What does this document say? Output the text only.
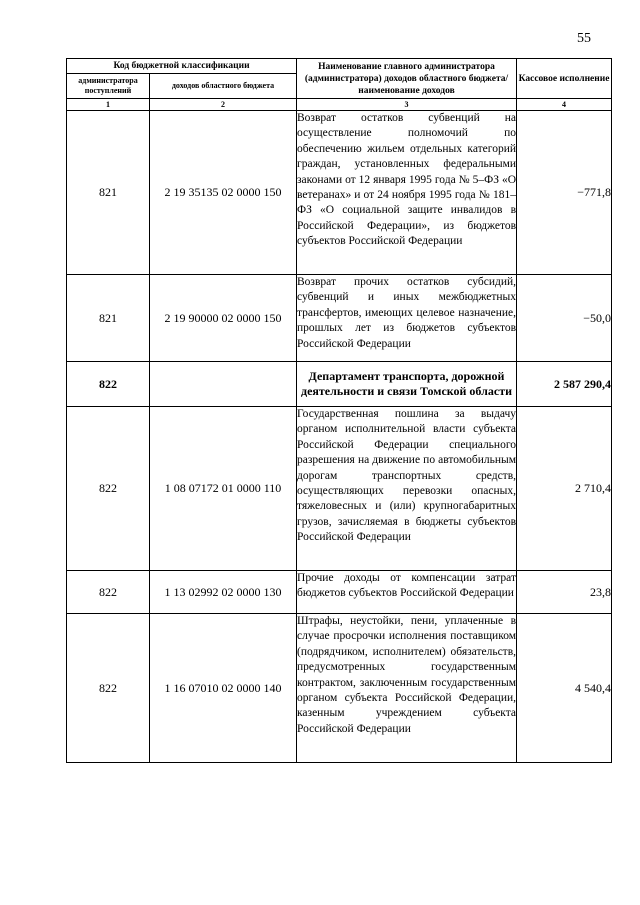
55
Код бюджетной классификации		Наименование главного администратора (администратора) доходов областного бюджета/ наименование доходов	Кассовое исполнение
администратора поступлений	доходов областного бюджета		
1	2	3	4
821	2 19 35135 02 0000 150	Возврат остатков субвенций на осуществление полномочий по обеспечению жильем отдельных категорий граждан, установленных федеральными законами от 12 января 1995 года № 5–ФЗ «О ветеранах» и от 24 ноября 1995 года № 181–ФЗ «О социальной защите инвалидов в Российской Федерации», из бюджетов субъектов Российской Федерации	−771,8
821	2 19 90000 02 0000 150	Возврат прочих остатков субсидий, субвенций и иных межбюджетных трансфертов, имеющих целевое назначение, прошлых лет из бюджетов субъектов Российской Федерации	−50,0
822		Департамент транспорта, дорожной деятельности и связи Томской области	2 587 290,4
822	1 08 07172 01 0000 110	Государственная пошлина за выдачу органом исполнительной власти субъекта Российской Федерации специального разрешения на движение по автомобильным дорогам транспортных средств, осуществляющих перевозки опасных, тяжеловесных и (или) крупногабаритных грузов, зачисляемая в бюджеты субъектов Российской Федерации	2 710,4
822	1 13 02992 02 0000 130	Прочие доходы от компенсации затрат бюджетов субъектов Российской Федерации	23,8
822	1 16 07010 02 0000 140	Штрафы, неустойки, пени, уплаченные в случае просрочки исполнения поставщиком (подрядчиком, исполнителем) обязательств, предусмотренных государственным контрактом, заключенным государственным органом субъекта Российской Федерации, казенным учреждением субъекта Российской Федерации	4 540,4
